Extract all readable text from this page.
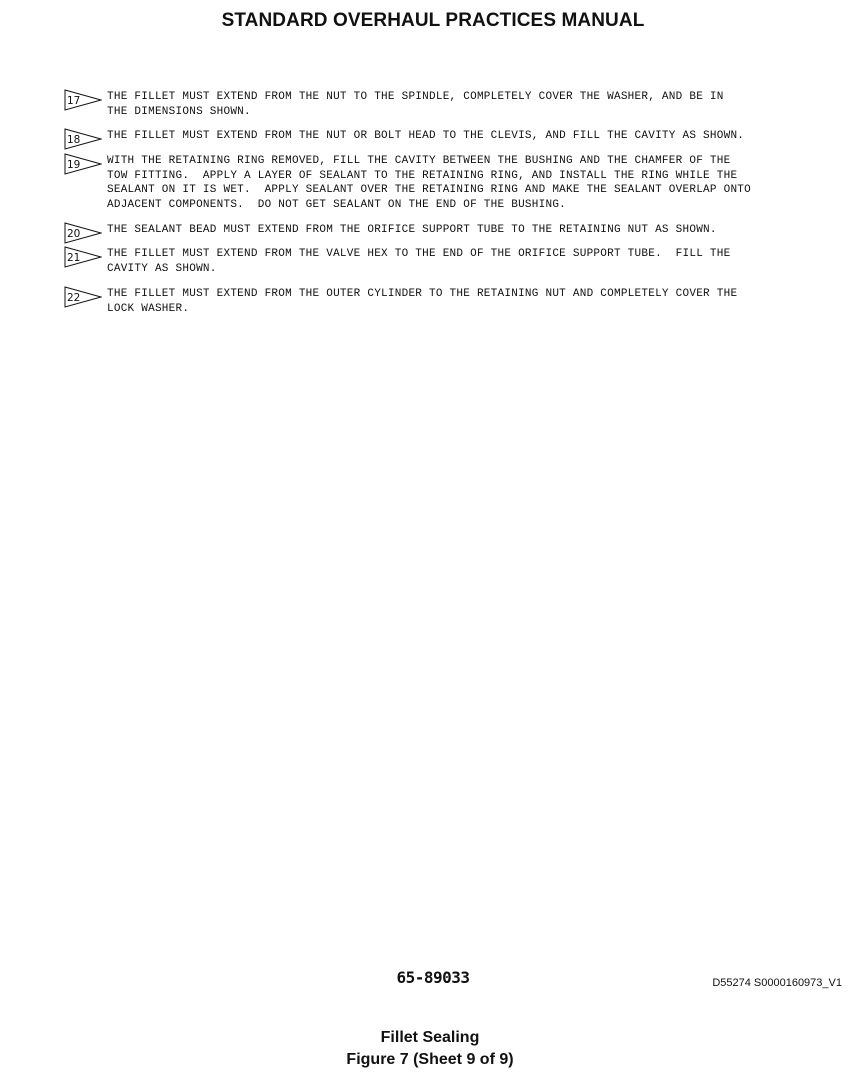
STANDARD OVERHAUL PRACTICES MANUAL
17 THE FILLET MUST EXTEND FROM THE NUT TO THE SPINDLE, COMPLETELY COVER THE WASHER, AND BE IN
THE DIMENSIONS SHOWN.
18 THE FILLET MUST EXTEND FROM THE NUT OR BOLT HEAD TO THE CLEVIS, AND FILL THE CAVITY AS SHOWN.
19 WITH THE RETAINING RING REMOVED, FILL THE CAVITY BETWEEN THE BUSHING AND THE CHAMFER OF THE
TOW FITTING.  APPLY A LAYER OF SEALANT TO THE RETAINING RING, AND INSTALL THE RING WHILE THE
SEALANT ON IT IS WET.  APPLY SEALANT OVER THE RETAINING RING AND MAKE THE SEALANT OVERLAP ONTO
ADJACENT COMPONENTS.  DO NOT GET SEALANT ON THE END OF THE BUSHING.
20 THE SEALANT BEAD MUST EXTEND FROM THE ORIFICE SUPPORT TUBE TO THE RETAINING NUT AS SHOWN.
21 THE FILLET MUST EXTEND FROM THE VALVE HEX TO THE END OF THE ORIFICE SUPPORT TUBE.  FILL THE
CAVITY AS SHOWN.
22 THE FILLET MUST EXTEND FROM THE OUTER CYLINDER TO THE RETAINING NUT AND COMPLETELY COVER THE
LOCK WASHER.
65-89033	D55274 S0000160973_V1
Fillet Sealing
Figure 7 (Sheet 9 of 9)
